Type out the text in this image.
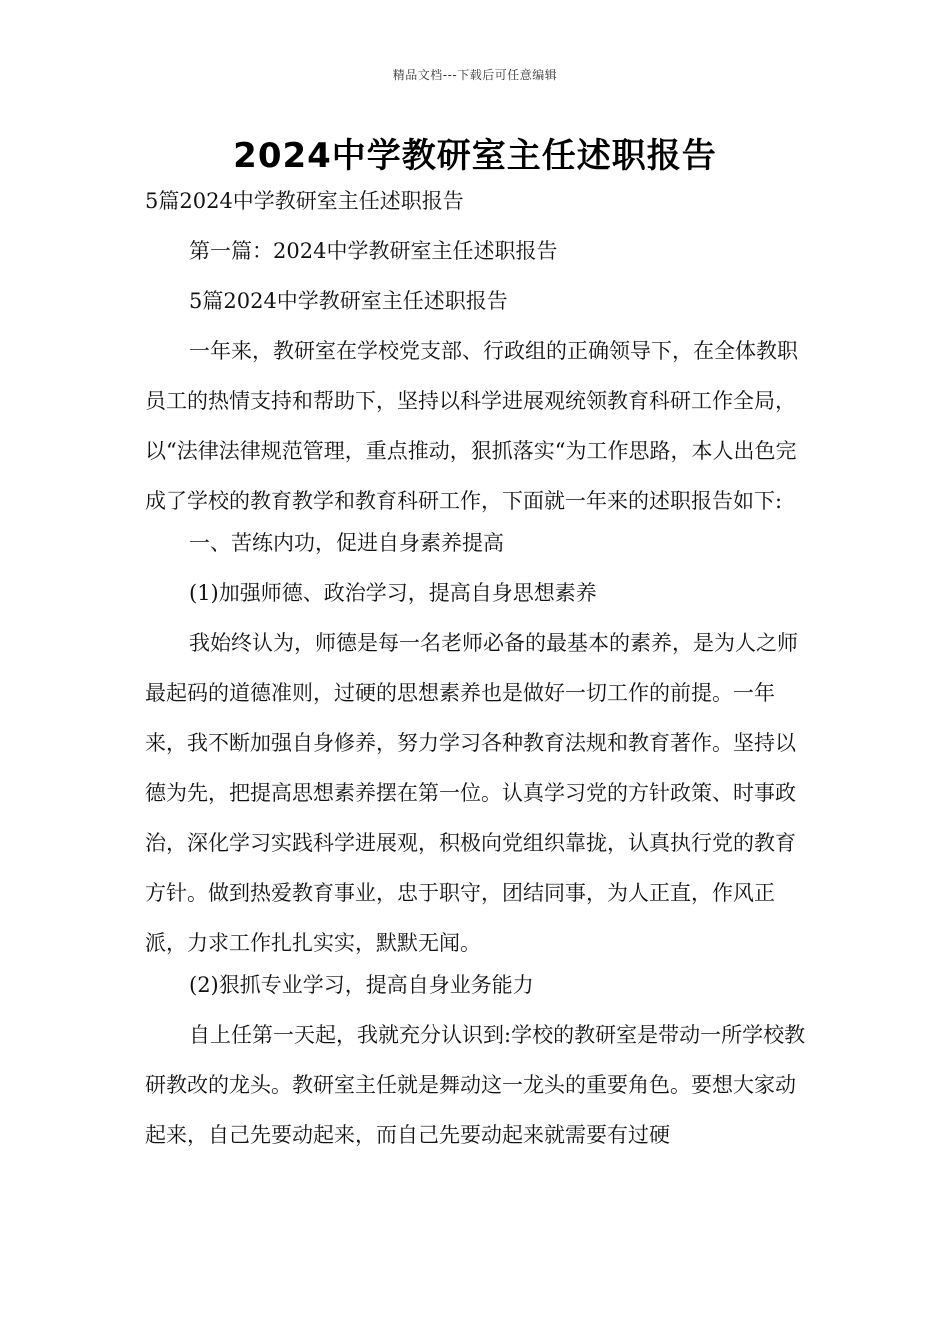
精品文档---下载后可任意编辑
2024中学教研室主任述职报告

5篇2024中学教研室主任述职报告

第一篇：2024中学教研室主任述职报告

5篇2024中学教研室主任述职报告

一年来，教研室在学校党支部、行政组的正确领导下，在全体教职员工的热情支持和帮助下，坚持以科学进展观统领教育科研工作全局，以“法律法律规范管理，重点推动，狠抓落实“为工作思路，本人出色完成了学校的教育教学和教育科研工作，下面就一年来的述职报告如下:

一、苦练内功，促进自身素养提高

(1)加强师德、政治学习，提高自身思想素养

我始终认为，师德是每一名老师必备的最基本的素养，是为人之师最起码的道德准则，过硬的思想素养也是做好一切工作的前提。一年来，我不断加强自身修养，努力学习各种教育法规和教育著作。坚持以德为先，把提高思想素养摆在第一位。认真学习党的方针政策、时事政治，深化学习实践科学进展观，积极向党组织靠拢，认真执行党的教育方针。做到热爱教育事业，忠于职守，团结同事，为人正直，作风正派，力求工作扎扎实实，默默无闻。

(2)狠抓专业学习，提高自身业务能力

自上任第一天起，我就充分认识到:学校的教研室是带动一所学校教研教改的龙头。教研室主任就是舞动这一龙头的重要角色。要想大家动起来，自己先要动起来，而自己先要动起来就需要有过硬
